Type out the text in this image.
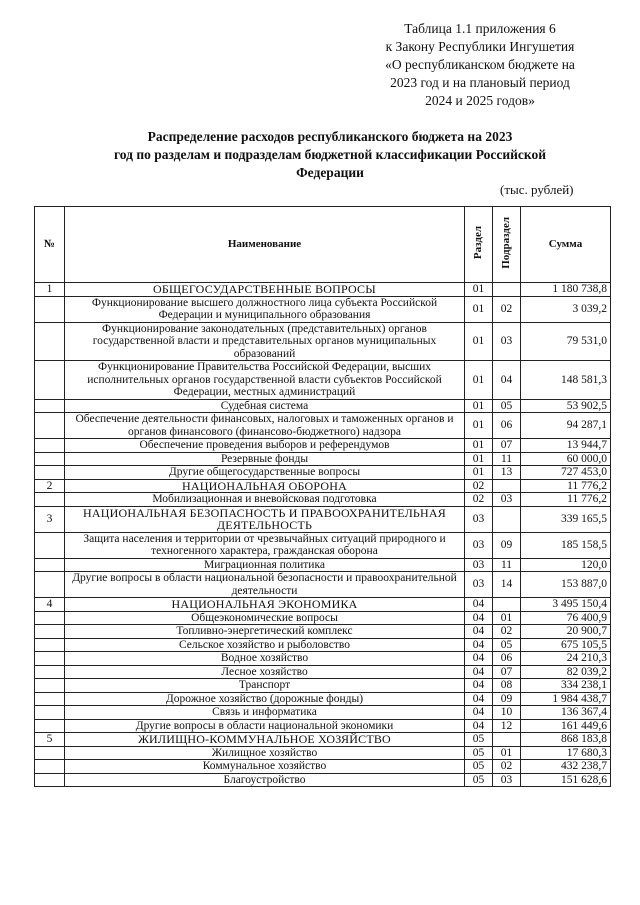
Таблица 1.1 приложения 6
к Закону Республики Ингушетия
«О республиканском бюджете на
2023 год и на плановый период
2024 и 2025 годов»
Распределение расходов республиканского бюджета на 2023
год по разделам и подразделам бюджетной классификации Российской
Федерации
(тыс. рублей)
№	Наименование	Раздел	Подраздел	Сумма
1	ОБЩЕГОСУДАРСТВЕННЫЕ ВОПРОСЫ	01		1 180 738,8
	Функционирование высшего должностного лица субъекта Российской Федерации и муниципального образования	01	02	3 039,2
	Функционирование законодательных (представительных) органов государственной власти и представительных органов муниципальных образований	01	03	79 531,0
	Функционирование Правительства Российской Федерации, высших исполнительных органов государственной власти субъектов Российской Федерации, местных администраций	01	04	148 581,3
	Судебная система	01	05	53 902,5
	Обеспечение деятельности финансовых, налоговых и таможенных органов и органов финансового (финансово-бюджетного) надзора	01	06	94 287,1
	Обеспечение проведения выборов и референдумов	01	07	13 944,7
	Резервные фонды	01	11	60 000,0
	Другие общегосударственные вопросы	01	13	727 453,0
2	НАЦИОНАЛЬНАЯ ОБОРОНА	02		11 776,2
	Мобилизационная и вневойсковая подготовка	02	03	11 776,2
3	НАЦИОНАЛЬНАЯ БЕЗОПАСНОСТЬ И ПРАВООХРАНИТЕЛЬНАЯ ДЕЯТЕЛЬНОСТЬ	03		339 165,5
	Защита населения и территории от чрезвычайных ситуаций природного и техногенного характера, гражданская оборона	03	09	185 158,5
	Миграционная политика	03	11	120,0
	Другие вопросы в области национальной безопасности и правоохранительной деятельности	03	14	153 887,0
4	НАЦИОНАЛЬНАЯ ЭКОНОМИКА	04		3 495 150,4
	Общеэкономические вопросы	04	01	76 400,9
	Топливно-энергетический комплекс	04	02	20 900,7
	Сельское хозяйство и рыболовство	04	05	675 105,5
	Водное хозяйство	04	06	24 210,3
	Лесное хозяйство	04	07	82 039,2
	Транспорт	04	08	334 238,1
	Дорожное хозяйство (дорожные фонды)	04	09	1 984 438,7
	Связь и информатика	04	10	136 367,4
	Другие вопросы в области национальной экономики	04	12	161 449,6
5	ЖИЛИЩНО-КОММУНАЛЬНОЕ ХОЗЯЙСТВО	05		868 183,8
	Жилищное хозяйство	05	01	17 680,3
	Коммунальное хозяйство	05	02	432 238,7
	Благоустройство	05	03	151 628,6
